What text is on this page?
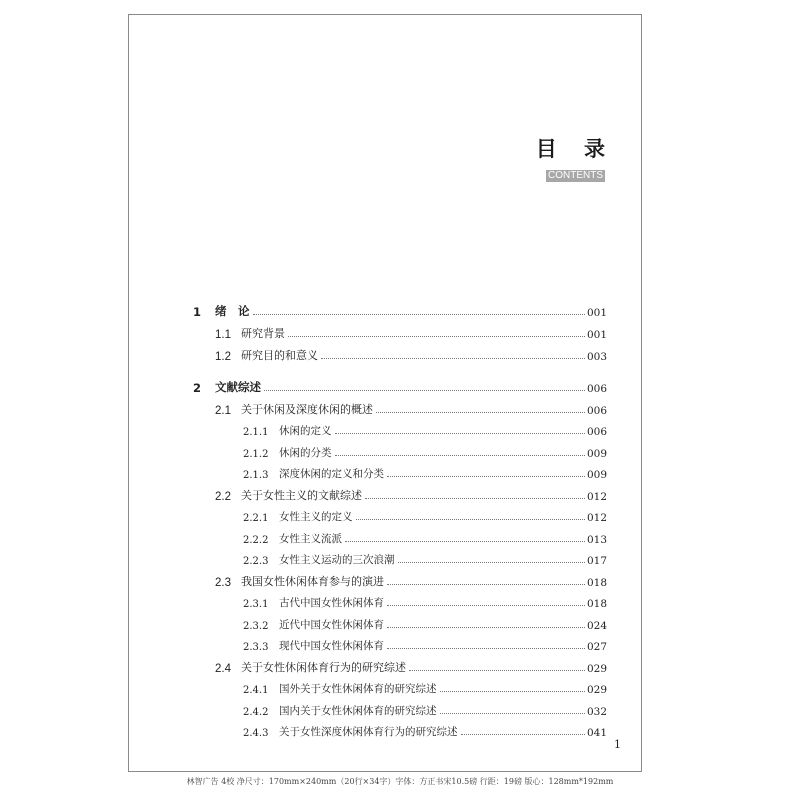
目 录
CONTENTS
1	绪　论	001
1.1 研究背景	001
1.2 研究目的和意义	003
2	文献综述	006
2.1 关于休闲及深度休闲的概述	006
2.1.1	休闲的定义	006
2.1.2	休闲的分类	009
2.1.3	深度休闲的定义和分类	009
2.2 关于女性主义的文献综述	012
2.2.1	女性主义的定义	012
2.2.2	女性主义流派	013
2.2.3	女性主义运动的三次浪潮	017
2.3 我国女性休闲体育参与的演进	018
2.3.1	古代中国女性休闲体育	018
2.3.2	近代中国女性休闲体育	024
2.3.3	现代中国女性休闲体育	027
2.4 关于女性休闲体育行为的研究综述	029
2.4.1	国外关于女性休闲体育的研究综述	029
2.4.2	国内关于女性休闲体育的研究综述	032
2.4.3	关于女性深度休闲体育行为的研究综述	041
1
林智广告 4校 净尺寸：170mm×240mm（20行×34字）字体：方正书宋10.5磅 行距：19磅 版心：128mm*192mm
